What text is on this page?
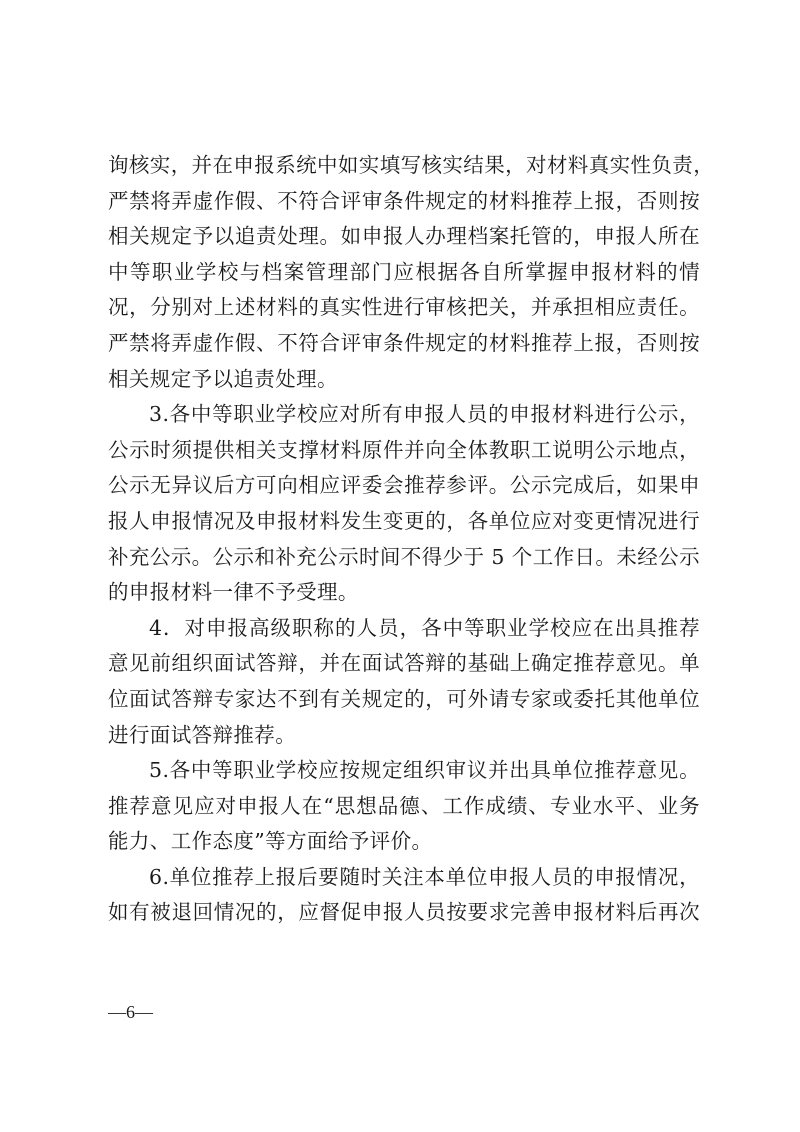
询核实，并在申报系统中如实填写核实结果，对材料真实性负责，
严禁将弄虚作假、不符合评审条件规定的材料推荐上报，否则按
相关规定予以追责处理。如申报人办理档案托管的，申报人所在
中等职业学校与档案管理部门应根据各自所掌握申报材料的情
况，分别对上述材料的真实性进行审核把关，并承担相应责任。
严禁将弄虚作假、不符合评审条件规定的材料推荐上报，否则按
相关规定予以追责处理。
3.各中等职业学校应对所有申报人员的申报材料进行公示，
公示时须提供相关支撑材料原件并向全体教职工说明公示地点，
公示无异议后方可向相应评委会推荐参评。公示完成后，如果申
报人申报情况及申报材料发生变更的，各单位应对变更情况进行
补充公示。公示和补充公示时间不得少于 5 个工作日。未经公示
的申报材料一律不予受理。
4．对申报高级职称的人员，各中等职业学校应在出具推荐
意见前组织面试答辩，并在面试答辩的基础上确定推荐意见。单
位面试答辩专家达不到有关规定的，可外请专家或委托其他单位
进行面试答辩推荐。
5.各中等职业学校应按规定组织审议并出具单位推荐意见。
推荐意见应对申报人在“思想品德、工作成绩、专业水平、业务
能力、工作态度”等方面给予评价。
6.单位推荐上报后要随时关注本单位申报人员的申报情况，
如有被退回情况的，应督促申报人员按要求完善申报材料后再次
—6—
